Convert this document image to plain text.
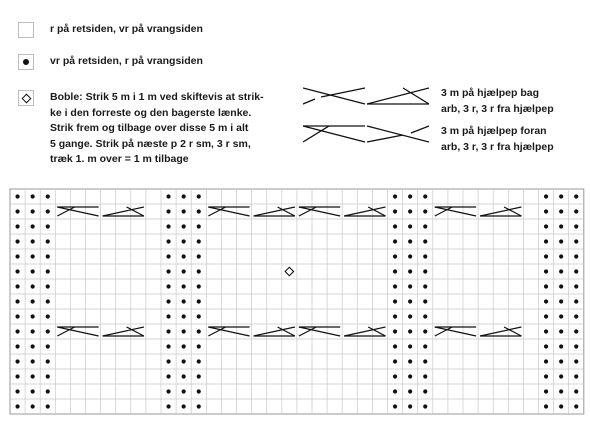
r på retsiden, vr på vrangsiden
vr på retsiden, r på vrangsiden
Boble: Strik 5 m i 1 m ved skiftevis at strik-
ke i den forreste og den bagerste lænke.
Strik frem og tilbage over disse 5 m i alt
5 gange. Strik på næste p 2 r sm, 3 r sm,
træk 1. m over = 1 m tilbage
3 m på hjælpep bag
arb, 3 r, 3 r fra hjælpep
3 m på hjælpep foran
arb, 3 r, 3 r fra hjælpep
